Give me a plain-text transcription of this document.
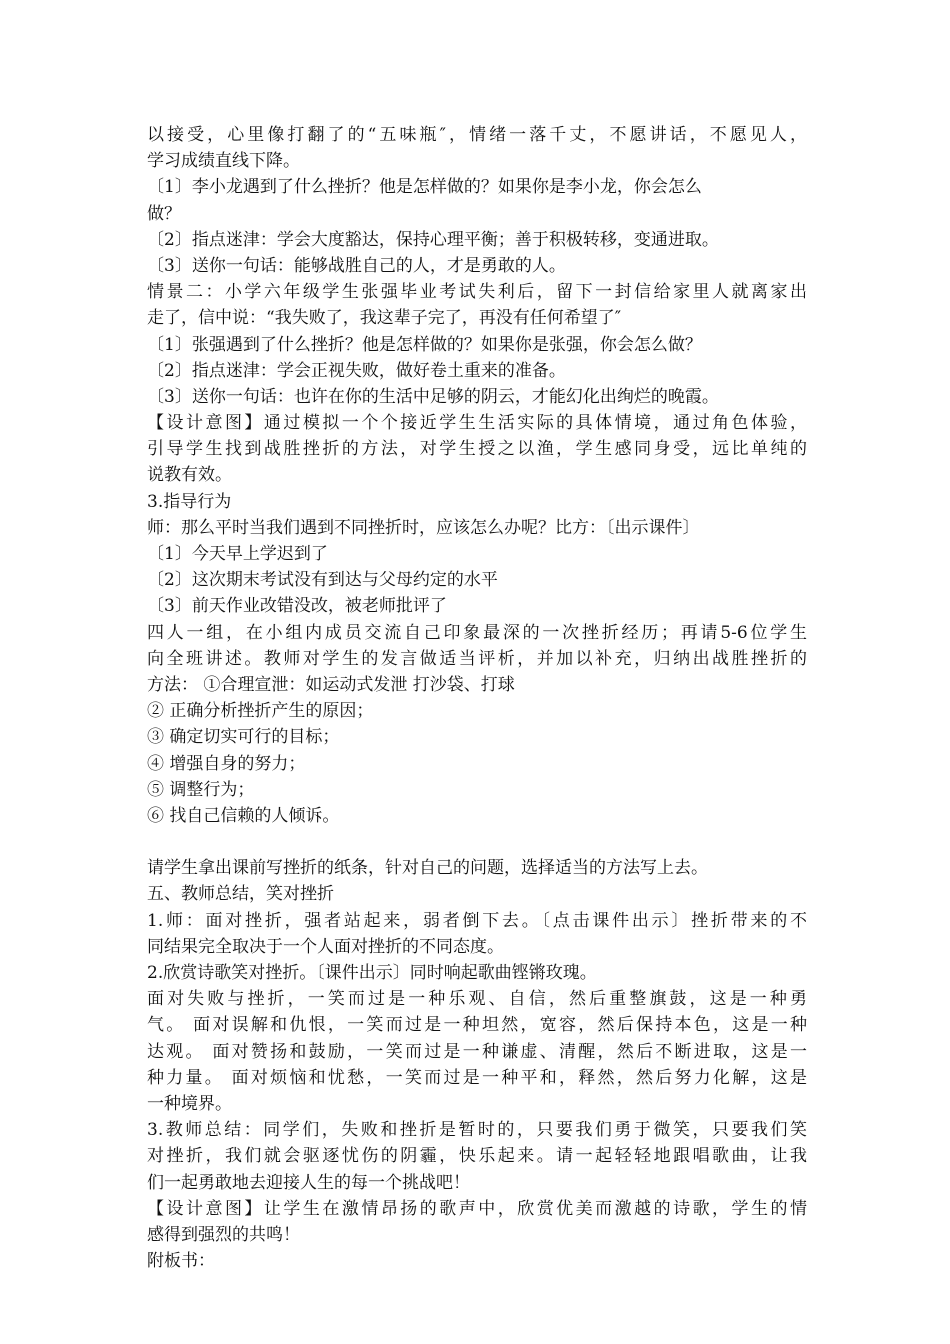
以接受，心里像打翻了的“五味瓶″，情绪一落千丈，不愿讲话，不愿见人，
学习成绩直线下降。
〔1〕李小龙遇到了什么挫折？他是怎样做的？如果你是李小龙，你会怎么
做？
〔2〕指点迷津：学会大度豁达，保持心理平衡；善于积极转移，变通进取。
〔3〕送你一句话：能够战胜自己的人，才是勇敢的人。
情景二：小学六年级学生张强毕业考试失利后，留下一封信给家里人就离家出
走了，信中说：“我失败了，我这辈子完了，再没有任何希望了″
〔1〕张强遇到了什么挫折？他是怎样做的？如果你是张强，你会怎么做？
〔2〕指点迷津：学会正视失败，做好卷土重来的准备。
〔3〕送你一句话：也许在你的生活中足够的阴云，才能幻化出绚烂的晚霞。
【设计意图】通过模拟一个个接近学生生活实际的具体情境，通过角色体验，
引导学生找到战胜挫折的方法，对学生授之以渔，学生感同身受，远比单纯的
说教有效。
3.指导行为
师：那么平时当我们遇到不同挫折时，应该怎么办呢？比方：〔出示课件〕
〔1〕今天早上学迟到了
〔2〕这次期末考试没有到达与父母约定的水平
〔3〕前天作业改错没改，被老师批评了
四人一组，在小组内成员交流自己印象最深的一次挫折经历；再请5-6位学生
向全班讲述。教师对学生的发言做适当评析，并加以补充，归纳出战胜挫折的
方法： ①合理宣泄：如运动式发泄 打沙袋、打球
② 正确分析挫折产生的原因；
③ 确定切实可行的目标；
④ 增强自身的努力；
⑤ 调整行为；
⑥ 找自己信赖的人倾诉。
请学生拿出课前写挫折的纸条，针对自己的问题，选择适当的方法写上去。
五、教师总结，笑对挫折
1.师：面对挫折，强者站起来，弱者倒下去。〔点击课件出示〕挫折带来的不
同结果完全取决于一个人面对挫折的不同态度。
2.欣赏诗歌笑对挫折。〔课件出示〕同时响起歌曲铿锵玫瑰。
面对失败与挫折，一笑而过是一种乐观、自信，然后重整旗鼓，这是一种勇
气。 面对误解和仇恨，一笑而过是一种坦然，宽容，然后保持本色，这是一种
达观。 面对赞扬和鼓励，一笑而过是一种谦虚、清醒，然后不断进取，这是一
种力量。 面对烦恼和忧愁，一笑而过是一种平和，释然，然后努力化解，这是
一种境界。
3.教师总结：同学们，失败和挫折是暂时的，只要我们勇于微笑，只要我们笑
对挫折，我们就会驱逐忧伤的阴霾，快乐起来。请一起轻轻地跟唱歌曲，让我
们一起勇敢地去迎接人生的每一个挑战吧！
【设计意图】让学生在激情昂扬的歌声中，欣赏优美而激越的诗歌，学生的情
感得到强烈的共鸣！
附板书：
